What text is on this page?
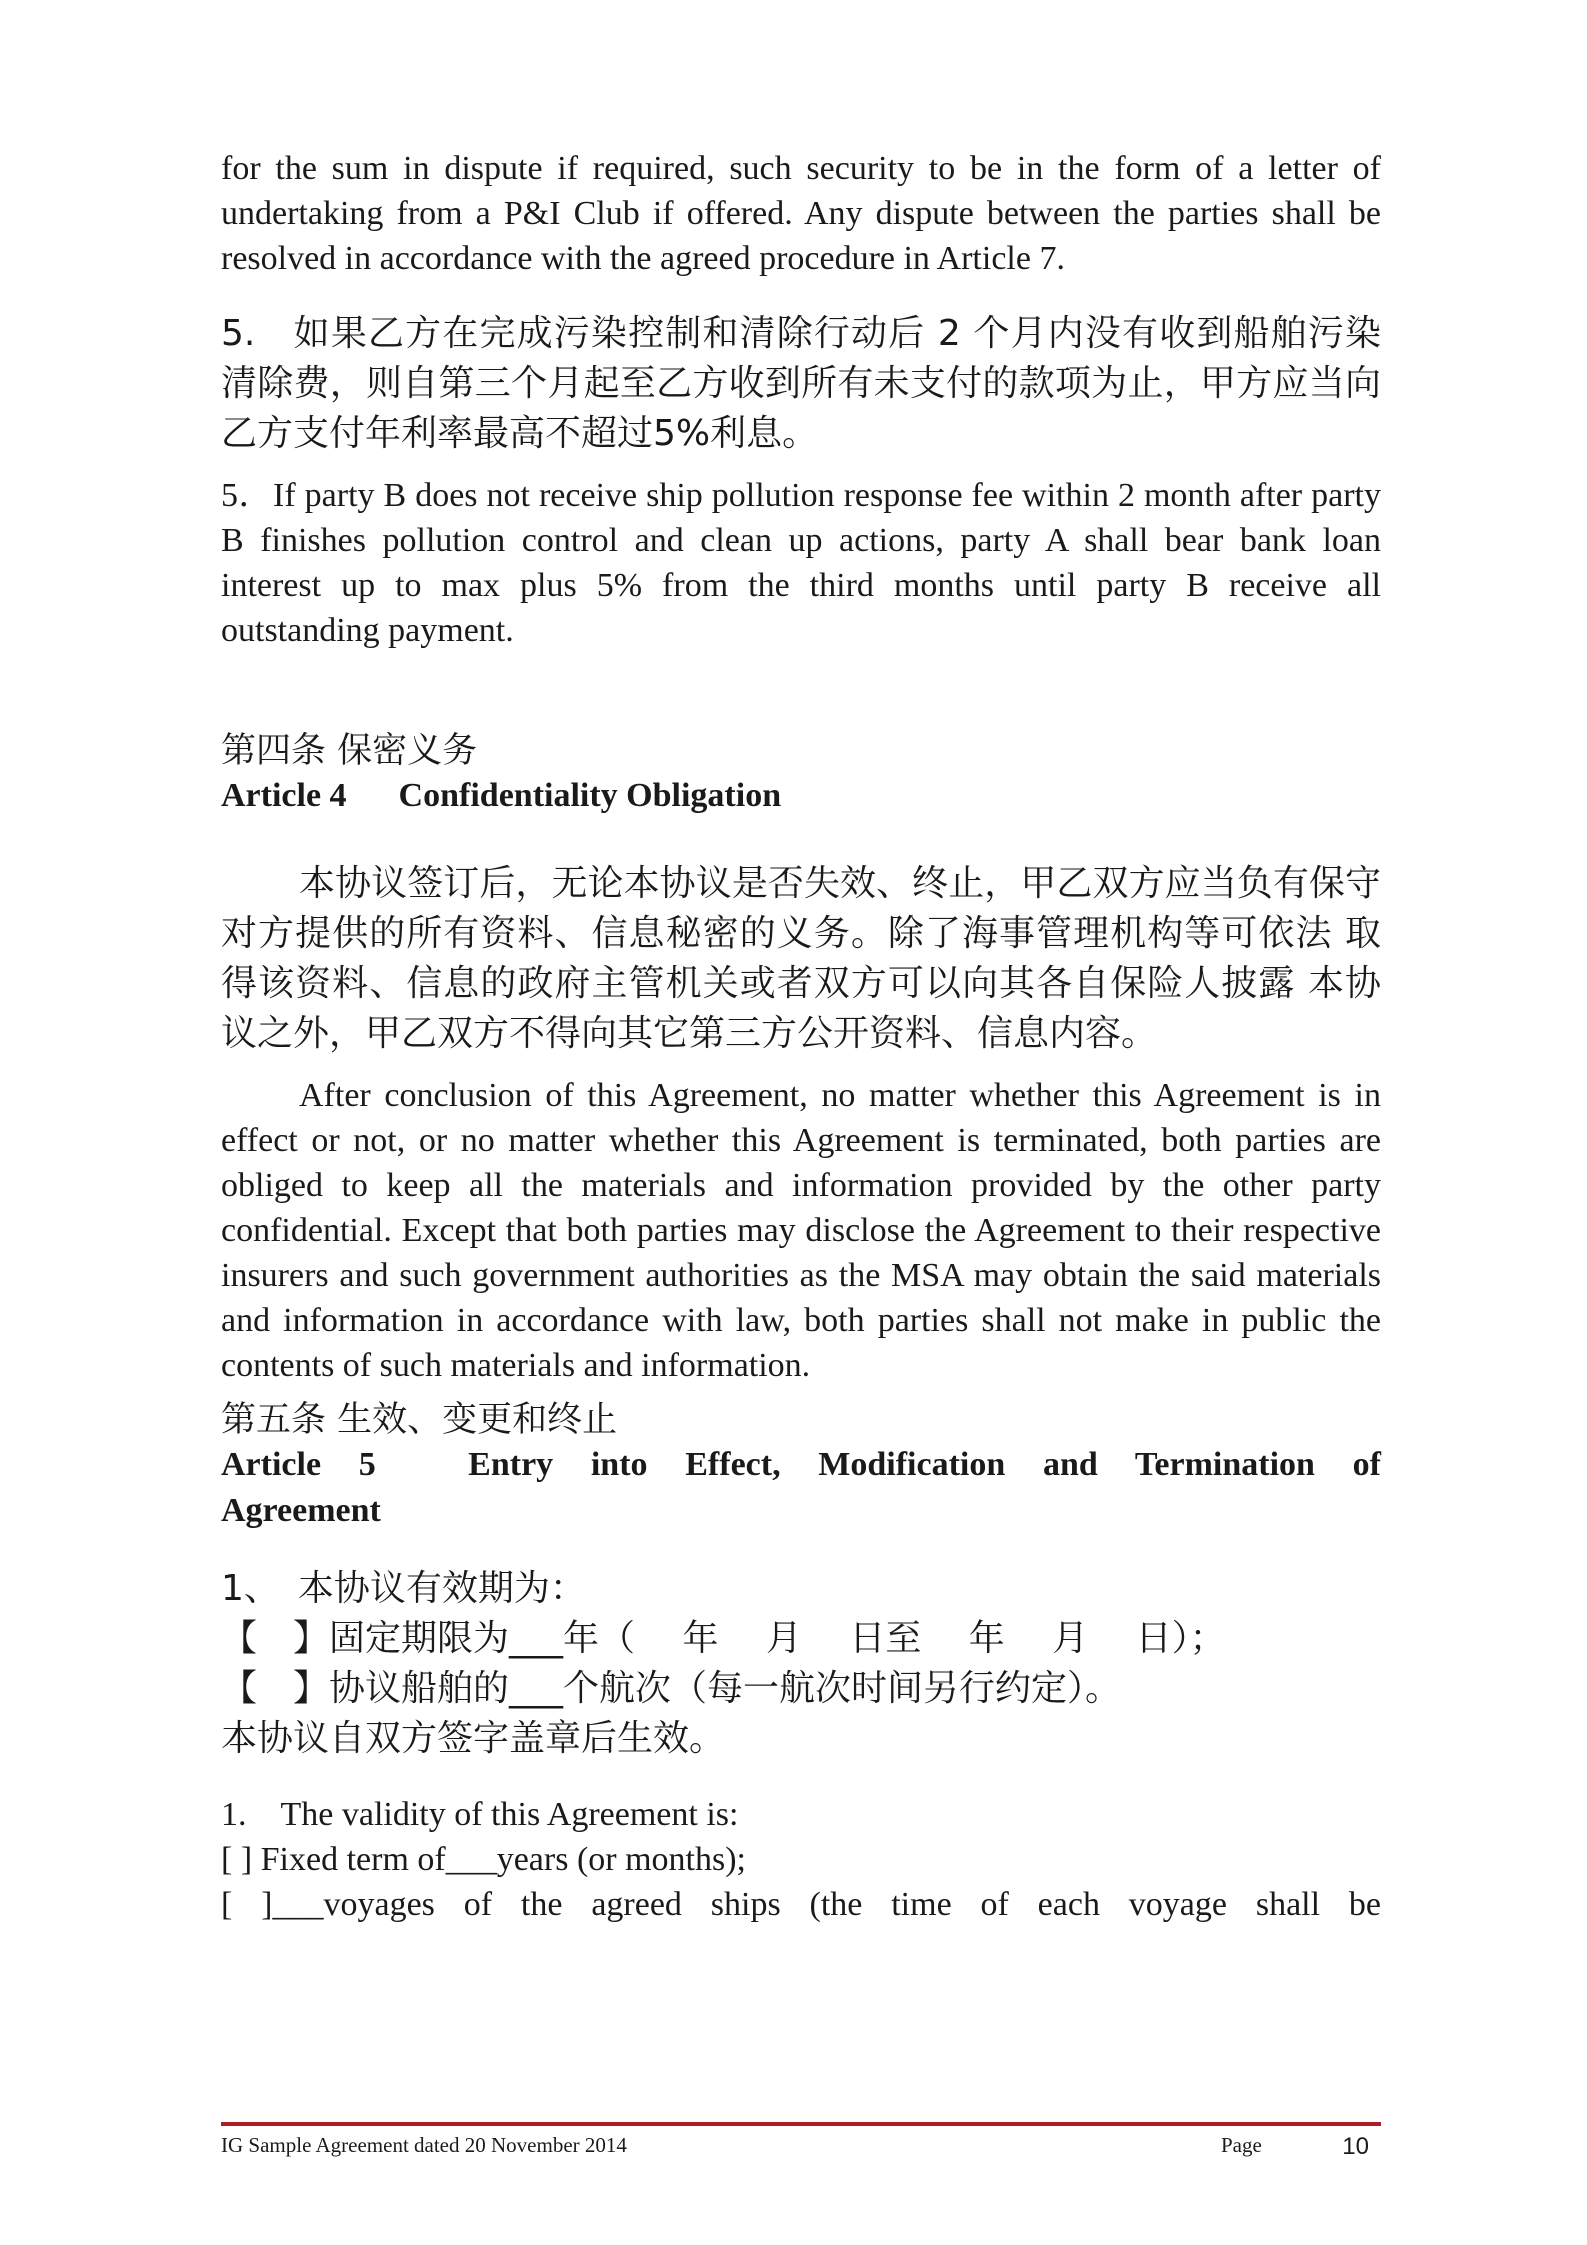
for the sum in dispute if required, such security to be in the form of a letter of undertaking from a P&I Club if offered. Any dispute between the parties shall be resolved in accordance with the agreed procedure in Article 7.

5.　如果乙方在完成污染控制和清除行动后 2 个月内没有收到船舶污染清除费，则自第三个月起至乙方收到所有未支付的款项为止，甲方应当向乙方支付年利率最高不超过5%利息。

5．If party B does not receive ship pollution response fee within 2 month after party B finishes pollution control and clean up actions, party A shall bear bank loan interest up to max plus 5% from the third months until party B receive all outstanding payment.

第四条 保密义务

Article 4 Confidentiality Obligation

本协议签订后，无论本协议是否失效、终止，甲乙双方应当负有保守 对方提供的所有资料、信息秘密的义务。除了海事管理机构等可依法 取得该资料、信息的政府主管机关或者双方可以向其各自保险人披露 本协议之外，甲乙双方不得向其它第三方公开资料、信息内容。

After conclusion of this Agreement, no matter whether this Agreement is in effect or not, or no matter whether this Agreement is terminated, both parties are obliged to keep all the materials and information provided by the other party confidential. Except that both parties may disclose the Agreement to their respective insurers and such government authorities as the MSA may obtain the said materials and information in accordance with law, both parties shall not make in public the contents of such materials and information.

第五条 生效、变更和终止

Article 5　Entry into Effect, Modification and Termination of

Agreement

1、　本协议有效期为：

【　】固定期限为___年（　 年　 月　 日至　 年　 月　 日）；

【　】协议船舶的___个航次（每一航次时间另行约定）。

本协议自双方签字盖章后生效。

1.　The validity of this Agreement is:

[ ] Fixed term of___years (or months);

[ ]___voyages of the agreed ships (the time of each voyage shall be

IG Sample Agreement dated 20 November 2014	Page	10
